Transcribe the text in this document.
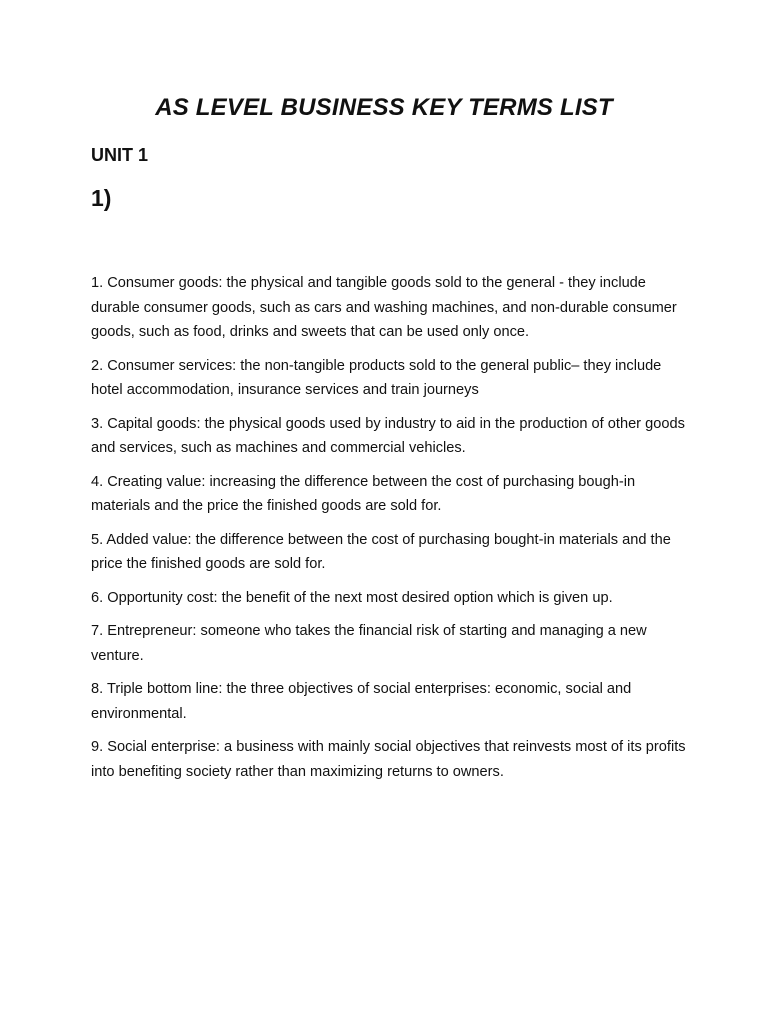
AS LEVEL BUSINESS KEY TERMS LIST
UNIT 1
1)
1. Consumer goods: the physical and tangible goods sold to the general - they include durable consumer goods, such as cars and washing machines, and non-durable consumer goods, such as food, drinks and sweets that can be used only once.
2. Consumer services: the non-tangible products sold to the general public– they include hotel accommodation, insurance services and train journeys
3. Capital goods: the physical goods used by industry to aid in the production of other goods and services, such as machines and commercial vehicles.
4. Creating value: increasing the difference between the cost of purchasing bough-in materials and the price the finished goods are sold for.
5. Added value: the difference between the cost of purchasing bought-in materials and the price the finished goods are sold for.
6. Opportunity cost: the benefit of the next most desired option which is given up.
7. Entrepreneur: someone who takes the financial risk of starting and managing a new venture.
8. Triple bottom line: the three objectives of social enterprises: economic, social and environmental.
9. Social enterprise: a business with mainly social objectives that reinvests most of its profits into benefiting society rather than maximizing returns to owners.
